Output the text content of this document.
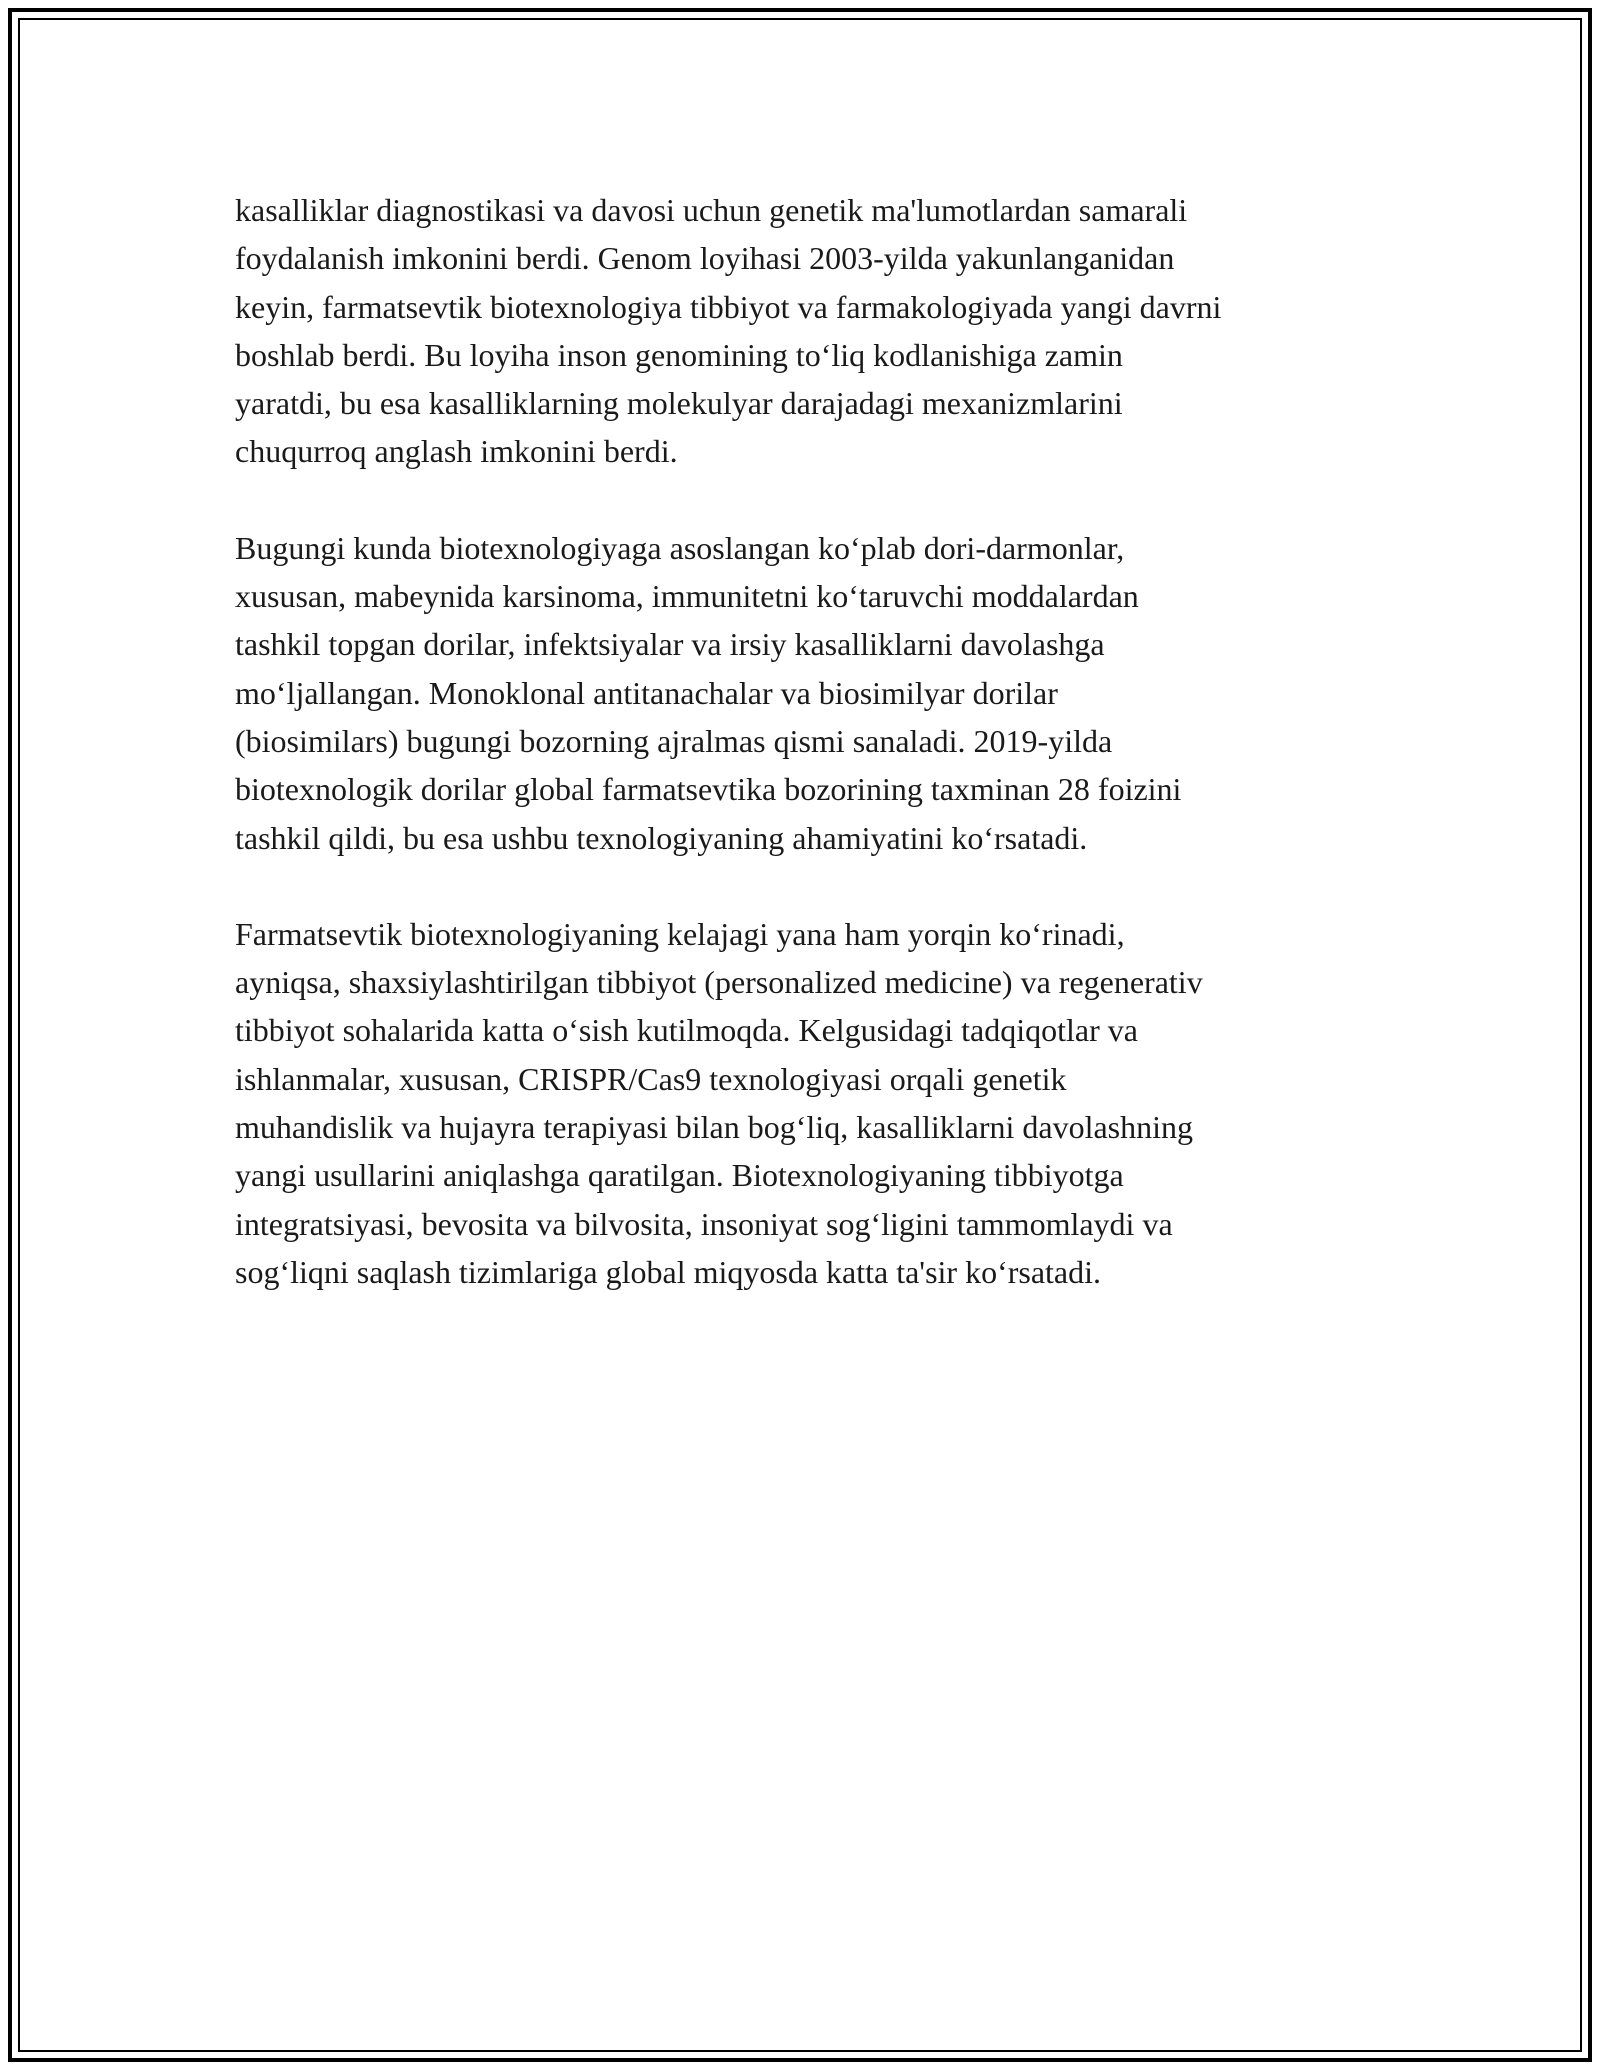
kasalliklar diagnostikasi va davosi uchun genetik ma'lumotlardan samarali
foydalanish imkonini berdi. Genom loyihasi 2003-yilda yakunlanganidan
keyin, farmatsevtik biotexnologiya tibbiyot va farmakologiyada yangi davrni
boshlab berdi. Bu loyiha inson genomining to‘liq kodlanishiga zamin
yaratdi, bu esa kasalliklarning molekulyar darajadagi mexanizmlarini
chuqurroq anglash imkonini berdi.

Bugungi kunda biotexnologiyaga asoslangan ko‘plab dori-darmonlar,
xususan, mabeynida karsinoma, immunitetni ko‘taruvchi moddalardan
tashkil topgan dorilar, infektsiyalar va irsiy kasalliklarni davolashga
mo‘ljallangan. Monoklonal antitanachalar va biosimilyar dorilar
(biosimilars) bugungi bozorning ajralmas qismi sanaladi. 2019-yilda
biotexnologik dorilar global farmatsevtika bozorining taxminan 28 foizini
tashkil qildi, bu esa ushbu texnologiyaning ahamiyatini ko‘rsatadi.

Farmatsevtik biotexnologiyaning kelajagi yana ham yorqin ko‘rinadi,
ayniqsa, shaxsiylashtirilgan tibbiyot (personalized medicine) va regenerativ
tibbiyot sohalarida katta o‘sish kutilmoqda. Kelgusidagi tadqiqotlar va
ishlanmalar, xususan, CRISPR/Cas9 texnologiyasi orqali genetik
muhandislik va hujayra terapiyasi bilan bog‘liq, kasalliklarni davolashning
yangi usullarini aniqlashga qaratilgan. Biotexnologiyaning tibbiyotga
integratsiyasi, bevosita va bilvosita, insoniyat sog‘ligini tammomlaydi va
sog‘liqni saqlash tizimlariga global miqyosda katta ta'sir ko‘rsatadi.
